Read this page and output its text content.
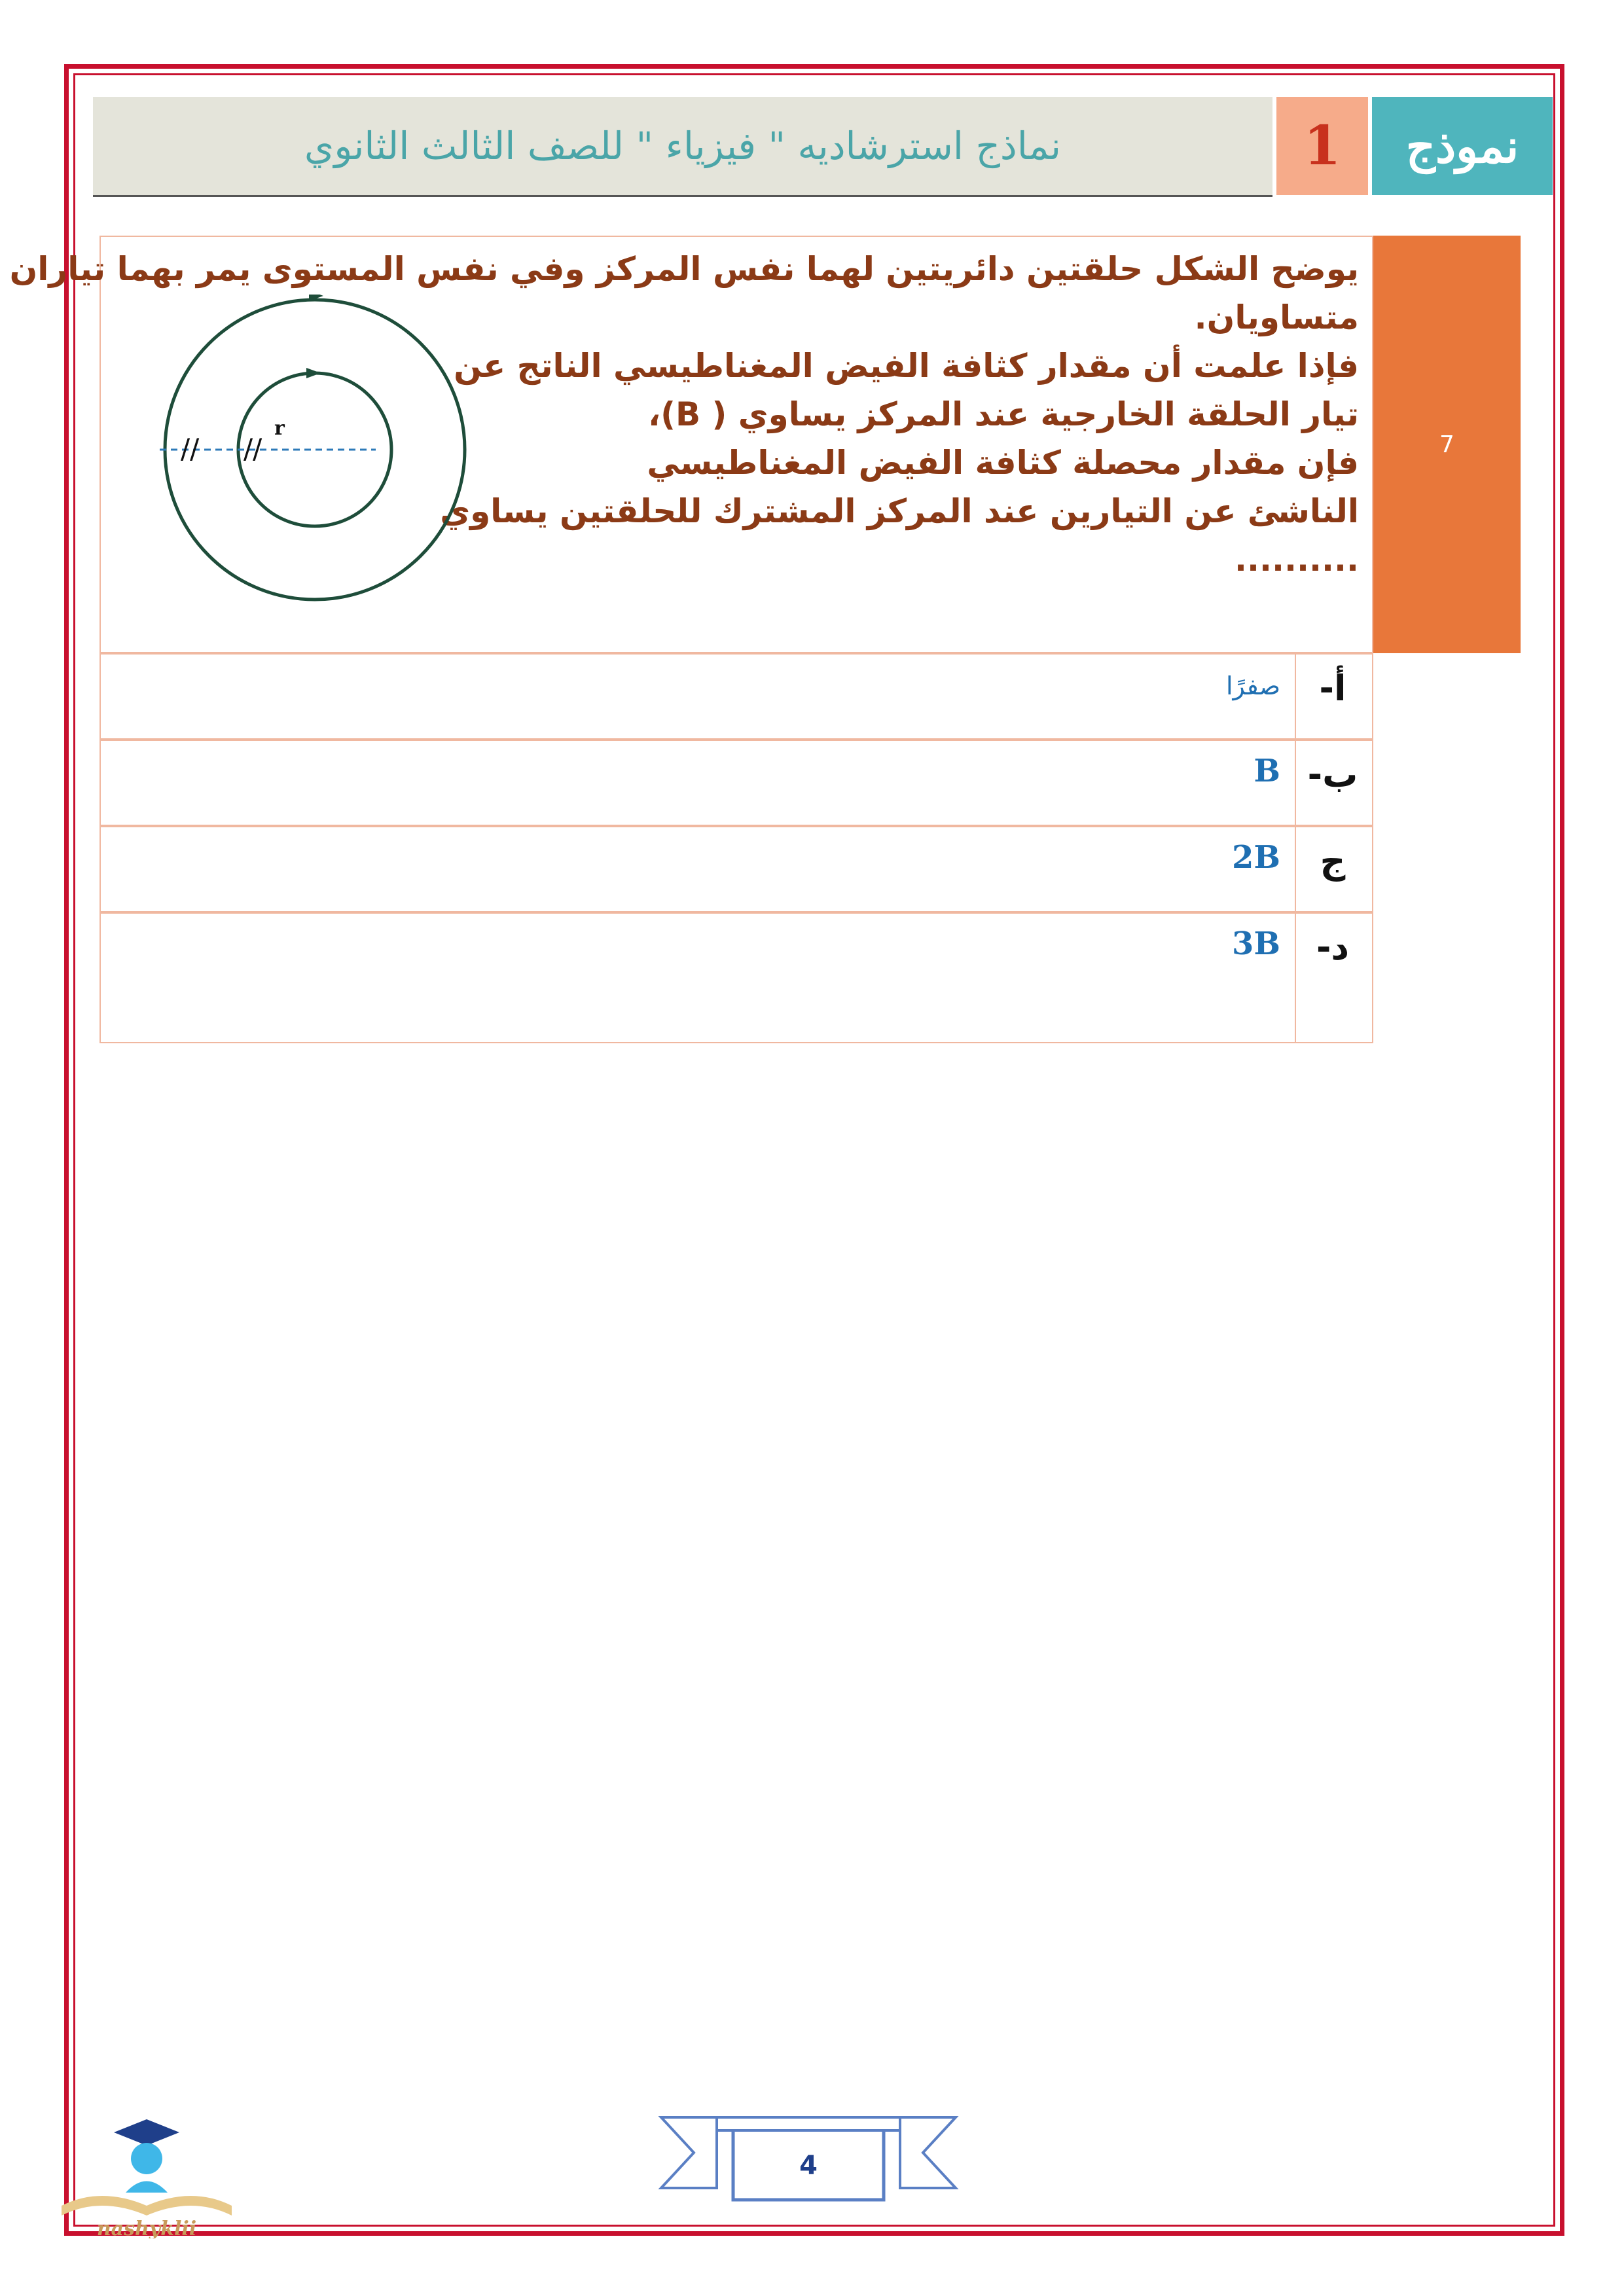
نماذج استرشاديه " فيزياء " للصف الثالث الثانوي	1	نموذج
يوضح الشكل حلقتين دائريتين لهما نفس المركز وفي نفس المستوى يمر بهما تياران
متساويان.
فإذا علمت أن مقدار كثافة الفيض المغناطيسي الناتج عن
تيار الحلقة الخارجية عند المركز يساوي ( B)،
فإن مقدار محصلة كثافة الفيض المغناطيسي
الناشئ عن التيارين عند المركز المشترك للحلقتين يساوي
..........
// //
r
7
صفرًا	أ-
B ب-
2B	ج
3B	د-
4
nashyklii
